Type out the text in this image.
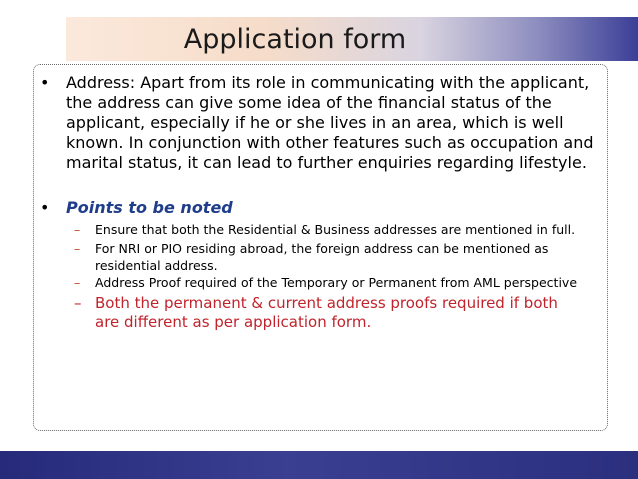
Application form
• Address: Apart from its role in communicating with the applicant, the address can give some idea of the financial status of the applicant, especially if he or she lives in an area, which is well known. In conjunction with other features such as occupation and marital status, it can lead to further enquiries regarding lifestyle.

• Points to be noted
– Ensure that both the Residential & Business addresses are mentioned in full.
– For NRI or PIO residing abroad, the foreign address can be mentioned as residential address.
– Address Proof required of the Temporary or Permanent from AML perspective
– Both the permanent & current address proofs required if both are different as per application form.
